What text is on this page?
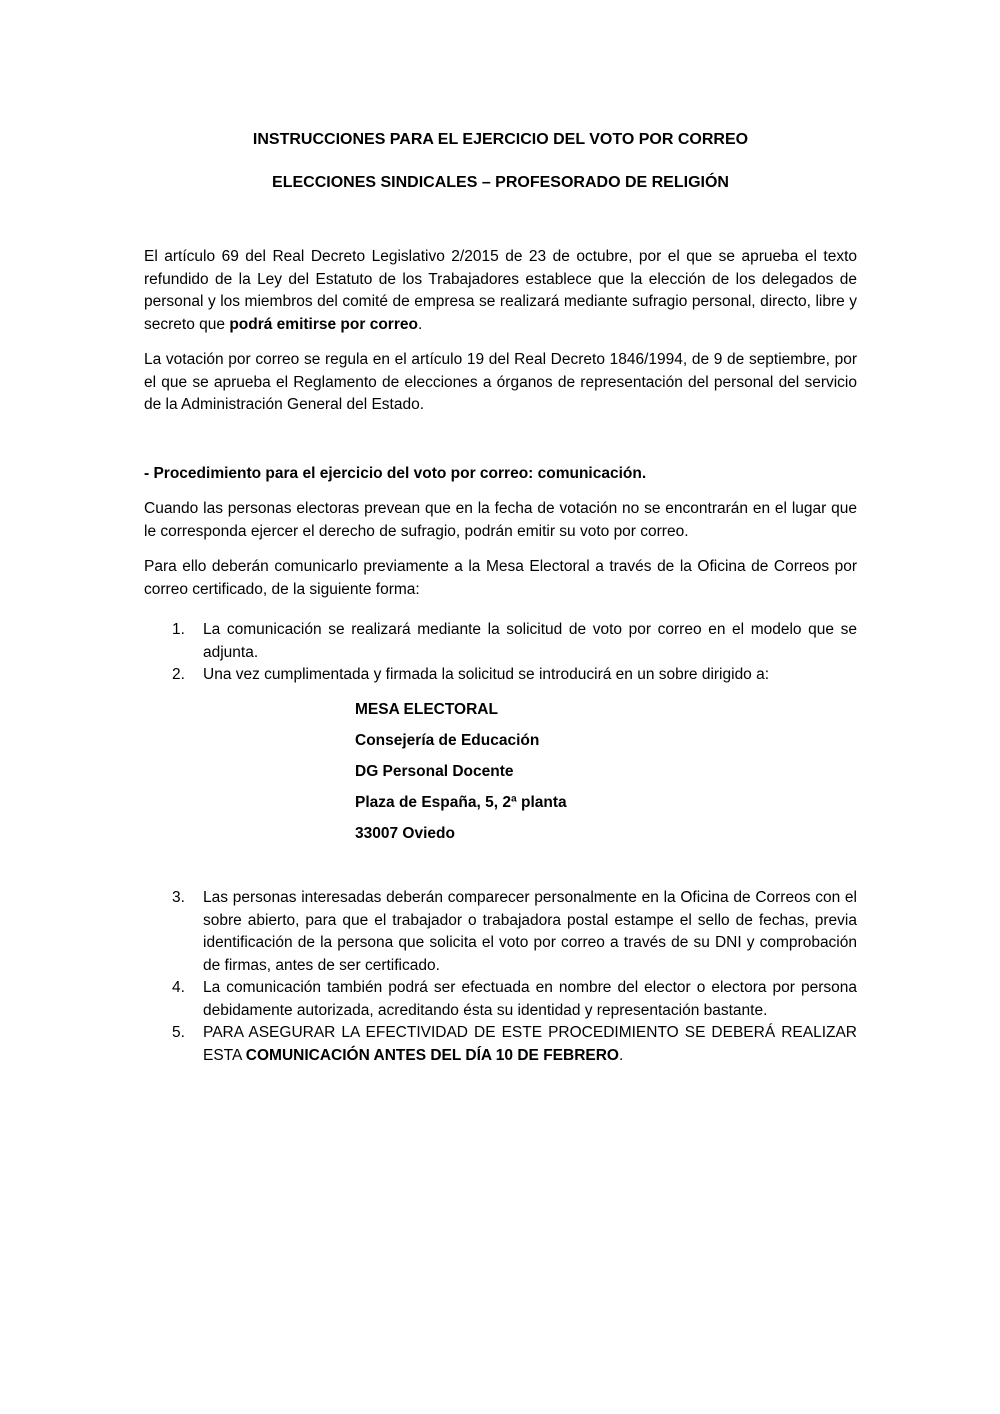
INSTRUCCIONES PARA EL EJERCICIO DEL VOTO POR CORREO
ELECCIONES SINDICALES – PROFESORADO DE RELIGIÓN

El artículo 69 del Real Decreto Legislativo 2/2015 de 23 de octubre, por el que se aprueba el texto refundido de la Ley del Estatuto de los Trabajadores establece que la elección de los delegados de personal y los miembros del comité de empresa se realizará mediante sufragio personal, directo, libre y secreto que podrá emitirse por correo.

La votación por correo se regula en el artículo 19 del Real Decreto 1846/1994, de 9 de septiembre, por el que se aprueba el Reglamento de elecciones a órganos de representación del personal del servicio de la Administración General del Estado.

- Procedimiento para el ejercicio del voto por correo: comunicación.

Cuando las personas electoras prevean que en la fecha de votación no se encontrarán en el lugar que le corresponda ejercer el derecho de sufragio, podrán emitir su voto por correo.

Para ello deberán comunicarlo previamente a la Mesa Electoral a través de la Oficina de Correos por correo certificado, de la siguiente forma:

1.	La comunicación se realizará mediante la solicitud de voto por correo en el modelo que se adjunta.
2.	Una vez cumplimentada y firmada la solicitud se introducirá en un sobre dirigido a:
MESA ELECTORAL
Consejería de Educación
DG Personal Docente
Plaza de España, 5, 2ª planta
33007 Oviedo
3.	Las personas interesadas deberán comparecer personalmente en la Oficina de Correos con el sobre abierto, para que el trabajador o trabajadora postal estampe el sello de fechas, previa identificación de la persona que solicita el voto por correo a través de su DNI y comprobación de firmas, antes de ser certificado.
4.	La comunicación también podrá ser efectuada en nombre del elector o electora por persona debidamente autorizada, acreditando ésta su identidad y representación bastante.
5.	PARA ASEGURAR LA EFECTIVIDAD DE ESTE PROCEDIMIENTO SE DEBERÁ REALIZAR ESTA COMUNICACIÓN ANTES DEL DÍA 10 DE FEBRERO.
